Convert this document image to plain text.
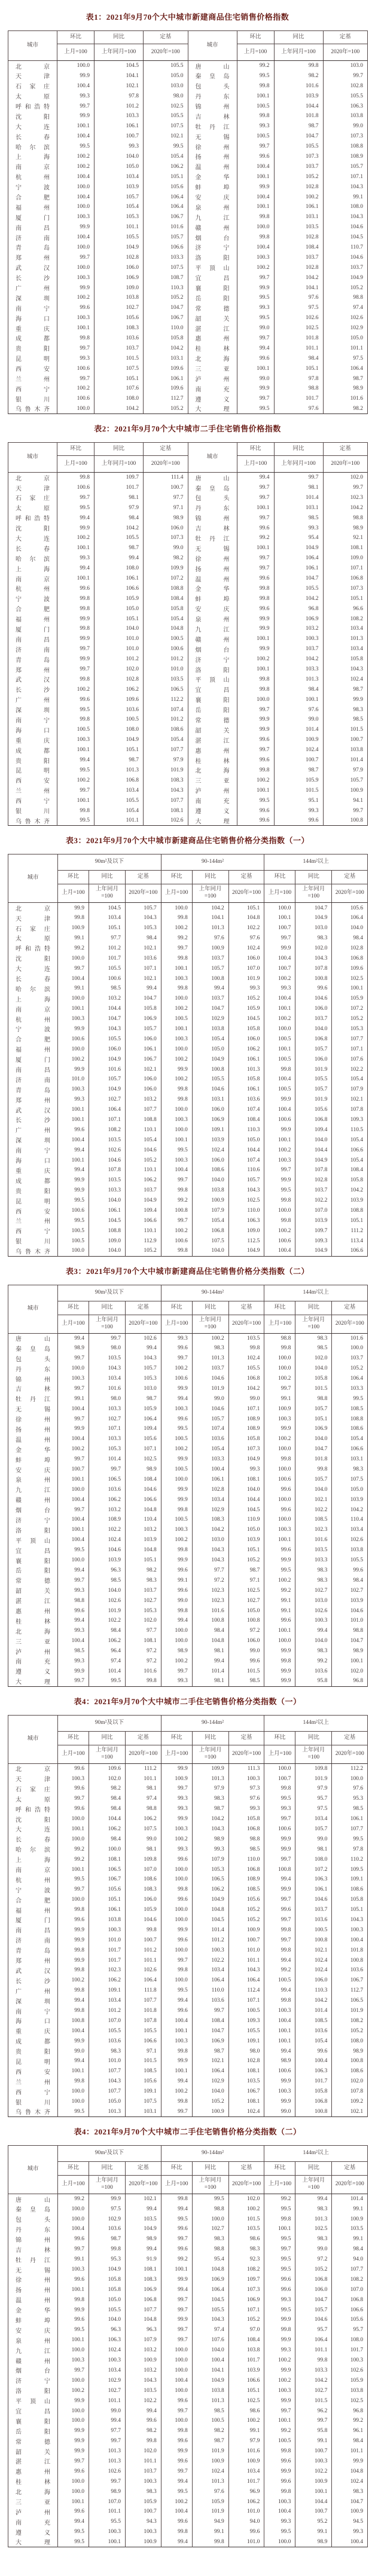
表1：2021年9月70个大中城市新建商品住宅销售价格指数
城市	环比	同比	定基	城市	环比	同比	定基
	上月=100	上年同月=100	2020年=100		上月=100	上年同月=100	2020年=100
北京	100.0	104.5	105.5	唐山	99.2	99.8	103.0
天津	99.9	104.1	105.0	秦皇岛	99.5	98.2	99.7
石家庄	100.4	102.1	103.0	包头	99.8	101.6	102.8
太原	99.3	97.8	98.0	丹东	100.1	103.9	105.5
呼和浩特	99.7	101.2	102.5	锦州	100.5	104.4	106.3
沈阳	99.9	103.3	105.5	吉林	99.8	101.8	103.8
大连	100.1	106.1	107.5	牡丹江	99.3	98.7	99.0
长春	100.4	100.7	102.1	无锡	100.5	104.7	107.3
哈尔滨	99.5	99.3	99.5	徐州	99.7	105.5	108.8
上海	100.2	104.0	105.4	扬州	99.6	107.3	108.9
南京	100.2	105.0	106.2	温州	100.4	103.7	105.7
杭州	100.4	103.4	105.1	金华	100.1	105.2	107.1
宁波	100.0	103.9	105.6	蚌埠	99.9	102.8	104.3
合肥	100.4	105.7	106.4	安庆	100.4	100.2	99.1
福州	100.0	105.4	106.4	泉州	100.1	106.1	108.0
厦门	100.3	105.3	106.7	九江	99.8	103.1	104.3
南昌	99.9	101.1	101.6	赣州	100.0	103.5	104.6
济南	100.4	105.5	105.7	烟台	99.8	102.8	104.5
青岛	100.0	104.9	106.6	济宁	100.4	108.4	110.7
郑州	99.7	102.8	103.3	洛阳	100.3	103.7	104.6
武汉	100.0	106.0	107.5	平顶山	100.2	102.8	103.7
长沙	100.3	106.9	108.7	宜昌	99.7	104.2	104.9
广州	99.9	109.0	110.3	襄阳	99.9	104.1	105.2
深圳	100.2	103.8	105.2	岳阳	99.5	97.6	98.8
南宁	99.6	102.7	104.7	常德	99.3	97.5	97.4
海口	100.3	105.6	106.7	韶关	99.5	102.6	102.6
重庆	100.1	108.3	110.0	湛江	99.0	102.5	102.9
成都	99.8	103.6	105.8	惠州	99.7	101.8	105.0
贵阳	99.7	103.7	104.2	桂林	99.4	101.1	101.1
昆明	99.3	101.5	103.1	北海	99.6	98.4	97.5
西安	100.6	107.5	109.6	三亚	100.1	105.1	106.4
兰州	99.7	105.1	106.1	泸州	99.0	97.8	98.7
西宁	100.2	107.6	109.6	南充	99.9	98.8	98.9
银川	100.6	108.0	112.7	遵义	99.7	101.7	101.6
乌鲁木齐	100.0	104.2	105.2	大理	99.5	97.6	98.2
表2：2021年9月70个大中城市二手住宅销售价格指数
城市	环比	同比	定基	城市	环比	同比	定基
	上月=100	上年同月=100	2020年=100		上月=100	上年同月=100	2020年=100
北京	99.8	109.7	111.4	唐山	99.4	99.7	102.0
天津	100.6	101.7	100.7	秦皇岛	99.7	98.1	99.7
石家庄	99.7	98.1	97.7	包头	99.7	101.4	102.3
太原	99.5	97.9	97.1	丹东	100.1	103.1	104.2
呼和浩特	99.4	98.4	98.9	锦州	99.7	98.5	98.8
沈阳	99.9	104.2	106.0	吉林	99.6	99.3	98.9
大连	100.2	105.5	107.3	牡丹江	99.2	95.4	92.1
长春	100.1	98.7	99.0	无锡	100.1	104.9	108.1
哈尔滨	99.3	99.4	98.2	徐州	99.7	106.4	109.0
上海	99.4	108.0	109.9	扬州	99.7	106.1	107.1
南京	100.1	106.1	107.2	温州	99.6	104.7	106.8
杭州	99.6	106.6	108.8	金华	99.8	105.5	107.3
宁波	99.8	105.9	108.4	蚌埠	99.8	104.2	105.1
合肥	99.8	105.0	105.8	安庆	99.6	96.8	96.6
福州	99.9	105.1	105.4	泉州	99.9	106.9	108.2
厦门	99.8	104.0	104.8	九江	99.9	103.2	103.4
南昌	99.9	101.0	100.5	赣州	100.1	100.3	101.3
济南	99.7	101.0	100.6	烟台	99.9	103.7	103.4
青岛	99.9	101.2	101.2	济宁	100.2	104.2	105.8
郑州	99.7	102.0	101.0	洛阳	100.1	103.3	104.3
武汉	99.8	102.8	103.5	平顶山	99.8	101.3	102.4
长沙	100.2	106.2	106.5	宜昌	99.8	98.4	98.7
广州	99.6	109.6	112.2	襄阳	100.0	100.1	99.9
深圳	99.5	103.6	107.4	岳阳	99.7	97.6	98.3
南宁	99.8	100.5	101.2	常德	99.9	99.0	98.5
海口	100.5	108.0	108.6	韶关	99.9	101.4	101.5
重庆	100.3	104.9	105.4	湛江	99.6	100.9	100.7
成都	100.1	105.1	107.7	惠州	99.7	102.4	103.8
贵阳	99.4	98.7	97.9	桂林	99.6	100.7	101.4
昆明	99.5	101.3	101.9	北海	99.8	98.7	97.9
西安	100.2	106.8	108.3	三亚	100.2	105.9	105.7
兰州	99.7	103.4	104.3	泸州	100.1	101.5	100.9
西宁	100.1	105.5	107.7	南充	99.5	95.1	94.1
银川	99.8	105.4	108.1	遵义	99.6	99.3	99.7
乌鲁木齐	99.5	101.1	102.6	大理	99.6	99.6	100.8
表3：2021年9月70个大中城市新建商品住宅销售价格分类指数（一）
城市	90m²及以下			90-144m²			144m²以上		
	环比	同比	定基	环比	同比	定基	环比	同比	定基
	上月=100	上年同月=100	2020年=100	上月=100	上年同月=100	2020年=100	上月=100	上年同月=100	2020年=100
北京	99.9	104.5	105.7	100.0	104.2	105.1	100.0	104.7	105.6
天津	99.8	103.4	104.3	99.8	104.1	104.8	100.1	104.9	106.4
石家庄	100.9	105.1	105.3	100.2	101.3	102.2	100.7	103.0	104.0
太原	99.1	97.7	98.4	99.2	97.6	97.6	99.7	98.3	98.4
呼和浩特	99.2	101.2	102.1	99.7	100.9	102.4	99.9	102.0	102.8
沈阳	100.0	101.7	103.6	99.8	103.7	106.0	100.4	104.3	106.8
大连	99.7	105.5	107.1	100.1	105.7	107.0	100.7	107.8	109.6
长春	100.4	100.6	102.1	100.3	100.8	101.9	100.2	100.8	102.5
哈尔滨	99.1	98.5	99.4	99.8	99.4	99.3	99.3	99.6	100.1
上海	100.0	103.2	104.7	100.0	103.7	105.2	100.4	104.6	105.9
南京	100.1	104.4	105.8	100.2	104.7	105.9	100.1	106.0	107.2
杭州	100.3	104.7	106.9	100.5	102.9	104.5	100.2	103.7	105.2
宁波	99.9	104.3	105.7	100.1	103.8	105.8	100.0	104.0	105.3
合肥	100.6	105.5	106.0	100.3	105.4	106.0	100.5	106.8	107.7
福州	100.0	106.0	106.1	100.0	105.0	106.2	100.1	105.7	107.1
厦门	100.2	104.9	106.7	100.2	104.9	106.1	100.5	106.0	107.6
南昌	99.9	101.6	102.1	99.9	100.8	101.3	99.8	101.9	102.2
济南	101.0	105.7	106.0	100.2	105.5	105.8	100.4	105.5	105.4
青岛	100.3	104.9	106.0	99.8	104.6	106.1	100.5	105.7	107.9
郑州	99.3	102.7	103.2	99.8	103.1	103.6	99.9	101.9	102.1
武汉	100.1	106.4	107.7	100.0	106.0	107.4	100.4	105.6	107.8
长沙	100.1	107.1	108.8	100.3	106.9	108.4	100.6	106.8	109.3
广州	99.6	108.2	110.1	100.0	109.1	110.3	99.9	109.4	110.5
深圳	100.4	103.5	105.4	100.1	103.9	105.0	100.1	104.0	105.4
南宁	99.4	102.6	104.6	99.5	102.4	104.4	100.2	104.4	106.6
海口	100.1	104.6	105.2	100.3	106.0	107.4	100.3	104.9	105.4
重庆	99.4	107.8	110.1	100.4	108.6	110.6	99.7	107.8	108.4
成都	99.9	103.5	106.2	99.7	104.0	105.7	99.9	102.8	105.8
贵阳	99.9	103.3	103.7	99.8	103.8	104.3	99.5	103.7	104.2
昆明	99.5	104.0	104.9	99.2	100.9	102.5	99.8	102.2	103.9
西安	100.6	106.1	109.4	100.8	107.9	110.0	100.0	107.0	108.8
兰州	99.5	104.5	106.6	99.7	105.4	106.3	99.8	103.9	105.1
西宁	100.5	108.8	110.1	100.2	106.8	109.0	100.2	109.7	111.2
银川	100.5	109.0	112.9	100.6	107.5	112.5	100.6	109.3	113.4
乌鲁木齐	100.0	104.0	105.2	99.8	104.0	104.9	100.4	104.9	106.6
表3：2021年9月70个大中城市新建商品住宅销售价格分类指数（二）
城市	90m²及以下			90-144m²			144m²以上		
	环比	同比	定基	环比	同比	定基	环比	同比	定基
	上月=100	上年同月=100	2020年=100	上月=100	上年同月=100	2020年=100	上月=100	上年同月=100	2020年=100
唐山	99.4	99.7	102.6	99.3	100.2	103.5	98.8	98.3	101.6
秦皇岛	98.9	98.0	99.4	99.6	98.3	99.8	99.8	98.5	100.0
包头	99.7	103.5	104.3	99.7	101.3	102.4	100.0	102.0	103.7
丹东	100.0	104.3	105.7	100.2	103.7	105.5	100.0	104.0	105.2
锦州	100.3	103.4	105.3	100.6	104.6	106.8	100.2	105.8	106.4
吉林	99.7	101.6	103.0	99.9	101.9	104.2	99.7	101.5	103.3
牡丹江	99.1	98.0	98.7	99.4	99.0	99.0	99.1	98.8	99.5
无锡	100.4	103.3	105.9	100.3	104.6	107.1	100.9	105.7	108.5
徐州	99.7	102.7	106.4	99.6	105.7	108.9	100.3	105.1	108.8
扬州	99.9	107.1	109.4	99.5	107.4	108.9	99.9	106.9	108.6
温州	100.4	103.3	105.6	100.5	103.6	105.8	100.2	104.0	105.4
金华	100.2	105.3	107.1	100.2	105.4	107.3	100.0	104.7	106.6
蚌埠	99.7	101.4	102.5	99.9	103.3	104.9	99.8	101.8	103.1
安庆	100.7	99.7	98.9	100.5	100.4	99.3	100.0	99.8	98.3
泉州	100.1	106.5	108.4	100.0	106.1	108.1	100.6	105.7	107.5
九江	100.0	103.6	104.6	99.9	102.8	104.0	99.6	104.0	105.0
赣州	100.4	106.2	106.6	99.9	103.4	104.4	100.0	102.1	103.9
烟台	99.7	103.2	104.8	99.8	102.9	104.5	99.6	102.2	104.2
济宁	100.4	108.9	110.4	100.5	108.3	110.9	100.0	108.5	110.4
洛阳	100.1	102.2	103.2	100.3	104.2	105.0	100.3	102.3	103.4
平顶山	100.4	102.4	103.9	100.2	103.0	103.9	100.1	101.6	102.6
宜昌	99.5	104.6	104.8	99.8	104.3	105.1	99.6	103.5	103.8
襄阳	100.0	103.9	105.1	99.9	104.3	105.2	99.9	103.3	105.5
岳阳	99.4	96.3	98.2	99.6	97.7	98.7	99.5	98.3	99.6
常德	99.7	98.5	98.3	99.1	97.2	97.1	100.2	98.3	98.4
韶关	99.3	104.0	103.7	99.6	102.3	102.5	99.2	102.7	102.7
湛江	98.8	102.6	102.7	99.0	102.3	102.7	99.1	103.0	103.9
惠州	99.6	101.9	105.3	99.8	101.6	105.0	99.1	102.6	104.6
桂林	99.4	102.2	102.0	99.4	100.8	100.8	99.6	100.3	101.0
北海	99.3	98.4	97.7	100.0	98.4	97.2	100.1	99.4	98.8
三亚	100.4	106.2	108.1	100.0	104.8	106.0	100.0	104.0	104.7
泸州	98.5	96.4	97.2	98.9	98.1	99.0	99.9	98.3	98.9
南充	99.3	97.4	97.2	100.2	99.4	99.6	99.8	99.2	100.1
遵义	99.9	101.4	101.6	99.7	101.4	101.5	99.9	103.6	102.0
大理	99.7	99.5	99.8	99.3	98.1	98.5	99.9	95.8	96.8
表4：2021年9月70个大中城市二手住宅销售价格分类指数（一）
城市	90m²及以下			90-144m²			144m²以上		
	环比	同比	定基	环比	同比	定基	环比	同比	定基
	上月=100	上年同月=100	2020年=100	上月=100	上年同月=100	2020年=100	上月=100	上年同月=100	2020年=100
北京	99.6	109.6	111.2	99.9	109.9	111.3	100.0	109.8	112.2
天津	100.3	102.0	101.1	100.9	101.3	100.3	100.7	101.9	100.0
石家庄	99.6	98.2	98.1	99.7	97.9	97.3	99.8	97.9	97.6
太原	99.7	98.4	97.4	99.3	98.3	97.6	99.5	95.7	95.3
呼和浩特	99.6	98.4	98.8	99.3	98.7	99.3	99.3	97.5	98.5
沈阳	100.0	104.4	106.2	99.9	104.2	105.8	99.7	103.4	106.1
大连	100.1	106.2	107.5	100.3	104.3	106.8	100.6	105.7	107.7
长春	100.0	98.4	99.0	100.2	98.9	98.8	99.9	99.0	99.5
哈尔滨	99.2	100.0	98.1	99.3	99.3	98.5	99.9	98.1	97.8
上海	99.2	108.1	109.8	99.6	107.9	110.0	99.7	108.0	110.2
南京	100.1	106.5	107.0	100.0	105.3	106.8	100.8	107.2	109.5
杭州	99.5	106.7	108.6	100.0	106.5	108.9	99.4	106.3	109.1
宁波	99.7	105.6	108.3	99.8	106.2	108.5	99.9	106.1	108.6
合肥	100.0	105.1	106.0	99.6	104.9	105.6	99.7	104.6	105.8
福州	99.8	106.1	105.9	100.0	104.8	105.2	99.6	103.7	105.1
厦门	99.6	103.8	104.6	100.0	104.5	105.2	99.7	103.6	104.3
南昌	99.9	100.3	99.8	99.9	101.4	100.9	99.8	100.5	100.3
济南	99.9	101.0	100.7	99.6	101.2	100.7	99.7	100.8	100.4
青岛	99.8	101.7	101.2	100.0	100.3	101.0	99.8	102.1	101.8
郑州	99.9	101.7	101.1	99.7	102.2	101.1	99.4	102.4	100.8
武汉	99.8	102.3	102.6	99.8	103.4	104.3	99.2	102.4	103.6
长沙	100.2	106.2	106.4	100.0	106.4	106.4	100.5	106.0	106.7
广州	99.8	109.1	111.8	99.5	110.0	112.4	99.4	110.3	112.7
深圳	99.4	103.4	107.7	99.4	103.6	107.1	99.8	104.2	106.5
南宁	99.8	101.2	101.8	99.6	99.7	100.5	100.3	101.4	101.9
海口	100.8	107.0	107.8	100.4	108.4	109.3	100.4	108.5	108.2
重庆	100.4	105.5	105.5	100.1	104.7	105.5	100.1	103.6	105.2
成都	99.9	103.6	106.6	100.3	106.9	109.1	100.1	105.4	108.0
贵阳	99.0	98.3	97.1	99.8	98.7	98.0	99.4	99.6	98.9
昆明	99.4	101.0	101.5	99.9	102.1	102.8	98.9	100.4	100.8
西安	100.1	107.7	108.5	100.1	106.4	108.1	100.6	106.3	108.6
兰州	99.8	104.3	105.6	99.4	102.9	103.5	99.9	101.7	102.0
西宁	100.0	107.7	109.1	100.2	104.0	106.7	100.3	105.8	107.8
银川	100.0	105.0	107.5	99.8	105.2	108.1	99.9	106.8	109.2
乌鲁木齐	99.5	101.3	103.1	99.7	100.9	102.4	99.0	100.8	102.1
表4：2021年9月70个大中城市二手住宅销售价格分类指数（二）
城市	90m²及以下			90-144m²			144m²以上		
	环比	同比	定基	环比	同比	定基	环比	同比	定基
	上月=100	上年同月=100	2020年=100	上月=100	上年同月=100	2020年=100	上月=100	上年同月=100	2020年=100
唐山	99.2	99.9	102.1	99.8	99.5	102.0	99.2	99.4	101.4
秦皇岛	100.0	97.5	99.4	99.4	98.8	100.2	99.5	98.3	99.1
包头	100.0	102.9	103.5	99.5	100.0	101.5	99.8	101.3	100.9
丹东	100.4	103.6	104.9	99.6	102.7	103.5	100.1	102.5	103.5
锦州	99.6	98.7	98.9	99.7	98.3	98.6	99.5	98.3	99.1
吉林	99.7	99.8	99.4	99.6	98.8	98.3	99.7	99.0	98.4
牡丹江	99.1	95.3	91.9	99.2	95.4	92.3	99.5	97.2	94.0
无锡	100.3	104.9	108.1	100.1	104.8	108.2	99.5	105.2	107.7
徐州	99.6	105.8	108.3	99.9	106.9	109.7	99.6	106.8	108.2
扬州	100.1	105.8	106.9	99.4	106.4	107.3	99.6	106.0	107.0
温州	99.8	105.0	106.8	99.7	104.5	106.9	99.3	104.7	106.8
金华	99.9	105.5	107.7	99.7	105.5	107.1	99.5	105.7	106.6
蚌埠	99.6	104.0	104.8	99.9	104.3	105.2	99.9	104.6	105.6
安庆	99.5	96.3	96.3	99.7	97.4	97.0	99.8	95.7	95.7
泉州	100.1	106.3	107.9	99.7	107.6	108.4	99.9	106.4	108.0
九江	100.0	102.4	103.2	100.0	104.0	103.8	99.3	101.1	101.7
赣州	100.3	100.3	100.9	100.0	100.4	101.7	100.2	99.8	100.3
烟台	99.7	103.4	103.2	100.0	104.1	103.9	99.9	103.3	102.6
济宁	100.0	102.9	104.3	100.4	104.9	106.6	100.2	104.2	105.9
洛阳	100.2	102.7	103.5	100.0	103.8	105.1	100.3	102.7	103.8
平顶山	99.9	101.1	102.2	99.6	101.3	102.5	99.9	101.5	102.5
宜昌	100.0	99.0	99.4	99.7	98.5	98.6	99.7	96.2	96.8
襄阳	100.0	99.4	99.6	100.0	100.5	100.2	100.1	99.7	99.2
岳阳	99.9	97.7	98.2	99.8	98.2	99.1	99.2	95.8	96.1
常德	99.9	99.7	99.8	99.6	98.7	97.9	100.5	99.1	98.4
韶关	99.9	101.3	102.0	99.9	101.9	101.6	99.8	100.7	101.1
湛江	99.7	101.3	101.1	99.6	100.9	100.9	99.6	100.3	99.9
惠州	99.6	102.6	103.7	99.7	102.4	103.4	99.9	102.2	104.8
桂林	100.0	99.7	100.3	99.4	101.3	101.7	99.6	100.9	102.4
北海	100.0	98.9	98.3	99.5	97.6	96.9	99.8	100.1	98.3
三亚	100.1	107.0	105.9	100.2	105.9	106.2	100.3	104.4	104.7
泸州	99.6	101.1	100.7	100.4	101.9	101.0	100.4	100.7	100.9
南充	99.4	95.5	94.3	99.6	94.9	94.0	99.3	95.2	94.5
遵义	99.5	100.3	100.3	99.8	99.1	99.6	99.5	99.1	99.3
大理	99.5	100.1	100.9	99.4	99.8	101.0	100.0	98.9	100.4
